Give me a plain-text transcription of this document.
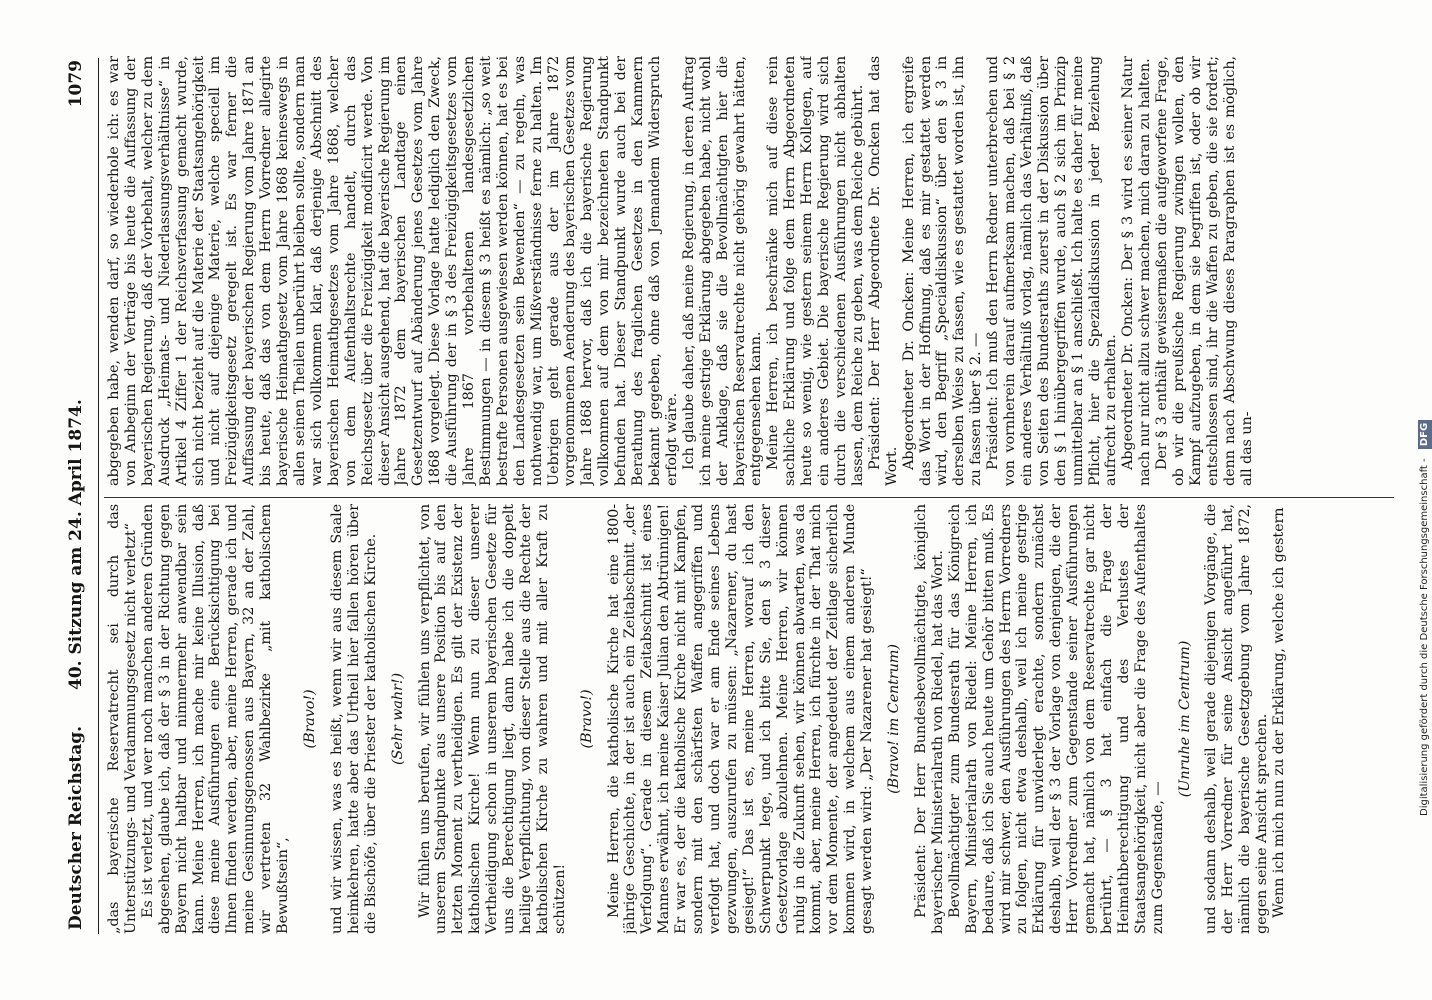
Deutscher Reichstag.
40. Sitzung am 24. April 1874.
1079

„das bayerische Reservatrecht sei durch das Unterstützungs- und Verdammungsgesetz nicht verletzt“ Es ist verletzt, und wer noch manchen anderen Gründen abgesehen, glaube ich, daß der § 3 in der Richtung gegen Bayern nicht haltbar und nimmermehr anwendbar sein kann. Meine Herren, ich mache mir keine Illusion, daß diese meine Ausführungen eine Berücksichtigung bei Ihnen finden werden, aber, meine Herren, gerade ich und meine Gesinnungsgenossen aus Bayern, 32 an der Zahl, wir vertreten 32 Wahlbezirke „mit katholischem Bewußtsein“,

(Bravo!) und wir wissen, was es heißt, wenn wir aus diesem Saale heimkehren, hatte aber das Urtheil hier fallen hören über die Bischöfe, über die Priester der katholischen Kirche. (Sehr wahr!) Wir fühlen uns berufen, wir fühlen uns verpflichtet, von unserem Standpunkte aus unsere Position bis auf den letzten Moment zu vertheidigen. Es gilt der Existenz der katholischen Kirche! Wenn nun zu dieser unserer Vertheidigung schon in unserem bayerischen Gesetze für uns die Berechtigung liegt, dann habe ich die doppelt heilige Verpflichtung, von dieser Stelle aus die Rechte der katholischen Kirche zu wahren und mit aller Kraft zu schützen!

(Bravo!) Meine Herren, die katholische Kirche hat eine 1800-jährige Geschichte, in der ist auch ein Zeitabschnitt „der Verfolgung“. Gerade in diesem Zeitabschnitt ist eines Mannes erwähnt, ich meine Kaiser Julian den Abtrünnigen! Er war es, der die katholische Kirche nicht mit Kampfen, sondern mit den schärfsten Waffen angegriffen und verfolgt hat, und doch war er am Ende seines Lebens gezwungen, auszurufen zu müssen: „Nazarener, du hast gesiegt!“ Das ist es, meine Herren, worauf ich den Schwerpunkt lege, und ich bitte Sie, den § 3 dieser Gesetzvorlage abzulehnen. Meine Herren, wir können ruhig in die Zukunft sehen, wir können abwarten, was da kommt, aber, meine Herren, ich fürchte in der That mich vor dem Momente, der angedeutet der Zeitlage sicherlich kommen wird, in welchem aus einem anderen Munde gesagt werden wird: „Der Nazarener hat gesiegt!“ (Bravo! im Centrum) Präsident: Der Herr Bundesbevollmächtigte, königlich bayerischer Ministerialrath von Riedel, hat das Wort. Bevollmächtigter zum Bundesrath für das Königreich Bayern, Ministerialrath von Riedel: Meine Herren, ich bedaure, daß ich Sie auch heute um Gehör bitten muß. Es wird mir schwer, den Ausführungen des Herrn Vorredners zu folgen, nicht etwa deshalb, weil ich meine gestrige Erklärung für unwiderlegt erachte, sondern zunächst deshalb, weil der § 3 der Vorlage von denjenigen, die der Herr Vorredner zum Gegenstande seiner Ausführungen gemacht hat, nämlich von dem Reservatrechte gar nicht berührt, — § 3 hat einfach die Frage der Heimathberechtigung und des Verlustes der Staatsangehörigkeit, nicht aber die Frage des Aufenthaltes zum Gegenstande, —

(Unruhe im Centrum) und sodann deshalb, weil gerade diejenigen Vorgänge, die der Herr Vorredner für seine Ansicht angeführt hat, nämlich die bayerische Gesetzgebung vom Jahre 1872, gegen seine Ansicht sprechen. Wenn ich mich nun zu der Erklärung, welche ich gestern

abgegeben habe, wenden darf, so wiederhole ich: es war von Anbeginn der Verträge bis heute die Auffassung der bayerischen Regierung, daß der Vorbehalt, welcher zu dem Ausdruck „Heimats- und Niederlassungsverhältnisse“ in Artikel 4 Ziffer 1 der Reichsverfassung gemacht wurde, sich nicht bezieht auf die Materie der Staatsangehörigkeit und nicht auf diejenige Materie, welche speciell im Freizügigkeitsgesetz geregelt ist. Es war ferner die Auffassung der bayerischen Regierung vom Jahre 1871 an bis heute, daß das von dem Herrn Vorredner allegirte bayerische Heimathgesetz vom Jahre 1868 keineswegs in allen seinen Theilen unberührt bleiben sollte, sondern man war sich vollkommen klar, daß derjenige Abschnitt des bayerischen Heimathgesetzes vom Jahre 1868, welcher von dem Aufenthaltsrechte handelt, durch das Reichsgesetz über die Freizügigkeit modificirt werde. Von dieser Ansicht ausgehend, hat die bayerische Regierung im Jahre 1872 dem bayerischen Landtage einen Gesetzentwurf auf Abänderung jenes Gesetzes vom Jahre 1868 vorgelegt. Diese Vorlage hatte lediglich den Zweck, die Ausführung der in § 3 des Freizügigkeitsgesetzes vom Jahre 1867 vorbehaltenen landesgesetzlichen Bestimmungen — in diesem § 3 heißt es nämlich: „so weit bestrafte Personen ausgewiesen werden können, hat es bei den Landesgesetzen sein Bewenden“ — zu regeln, was nothwendig war, um Mißverständnisse ferne zu halten. Im Uebrigen geht gerade aus der im Jahre 1872 vorgenommenen Aenderung des bayerischen Gesetzes vom Jahre 1868 hervor, daß ich die bayerische Regierung vollkommen auf dem von mir bezeichneten Standpunkt befunden hat. Dieser Standpunkt wurde auch bei der Berathung des fraglichen Gesetzes in den Kammern bekannt gegeben, ohne daß von Jemandem Widerspruch erfolgt wäre. Ich glaube daher, daß meine Regierung, in deren Auftrag ich meine gestrige Erklärung abgegeben habe, nicht wohl der Anklage, daß sie die Bevollmächtigten hier die bayerischen Reservatrechte nicht gehörig gewahrt hätten, entgegensehen kann. Meine Herren, ich beschränke mich auf diese rein sachliche Erklärung und folge dem Herrn Abgeordneten heute so wenig, wie gestern seinem Herrn Kollegen, auf ein anderes Gebiet. Die bayerische Regierung wird sich durch die verschiedenen Ausführungen nicht abhalten lassen, dem Reiche zu geben, was dem Reiche gebührt. Präsident: Der Herr Abgeordnete Dr. Oncken hat das Wort. Abgeordneter Dr. Oncken: Meine Herren, ich ergreife das Wort in der Hoffnung, daß es mir gestattet werden wird, den Begriff „Specialdiskussion“ über den § 3 in derselben Weise zu fassen, wie es gestattet worden ist, ihn zu fassen über § 2. — Präsident: Ich muß den Herrn Redner unterbrechen und von vornherein darauf aufmerksam machen, daß bei § 2 ein anderes Verhältniß vorlag, nämlich das Verhältniß, daß von Seiten des Bundesraths zuerst in der Diskussion über den § 1 hinübergegriffen wurde, auch § 2 sich im Prinzip unmittelbar an § 1 anschließt. Ich halte es daher für meine Pflicht, hier die Spezialdiskussion in jeder Beziehung aufrecht zu erhalten. Abgeordneter Dr. Oncken: Der § 3 wird es seiner Natur nach nur nicht allzu schwer machen, mich daran zu halten. Der § 3 enthält gewissermaßen die aufgeworfene Frage, ob wir die preußische Regierung zwingen wollen, den Kampf aufzugeben, in dem sie begriffen ist, oder ob wir entschlossen sind, ihr die Waffen zu geben, die sie fordert; denn nach Abschwung dieses Paragraphen ist es möglich, all das un-

Digitalisierung gefördert durch die Deutsche Forschungsgemeinschaft - DFG
